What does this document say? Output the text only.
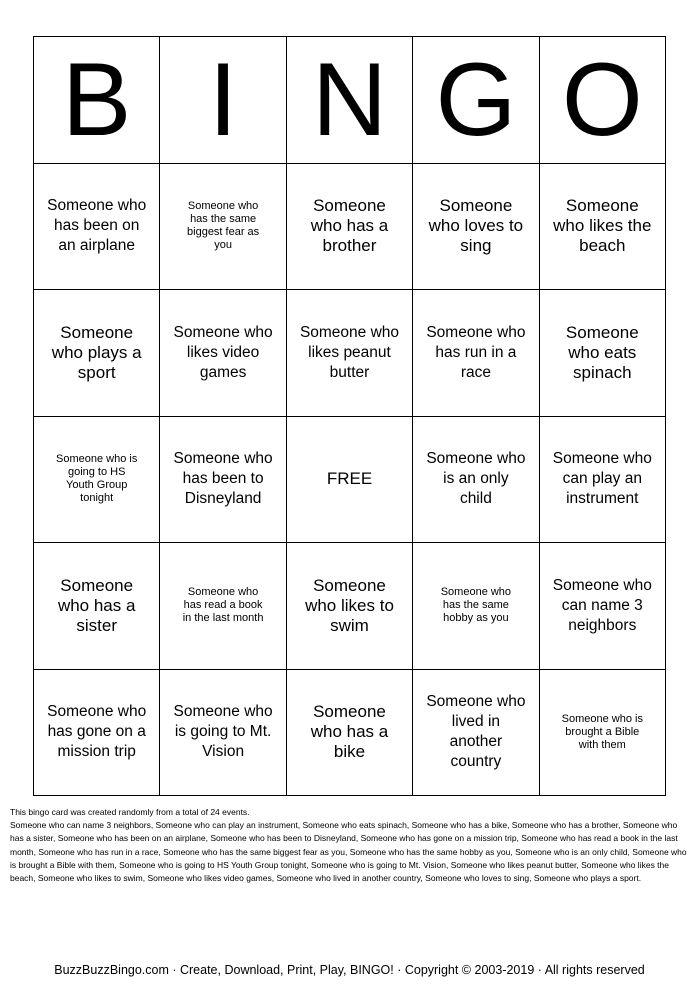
B I N G O
Someone who has been on an airplane
Someone who has the same biggest fear as you
Someone who has a brother
Someone who loves to sing
Someone who likes the beach
Someone who plays a sport
Someone who likes video games
Someone who likes peanut butter
Someone who has run in a race
Someone who eats spinach
Someone who is going to HS Youth Group tonight
Someone who has been to Disneyland
FREE
Someone who is an only child
Someone who can play an instrument
Someone who has a sister
Someone who has read a book in the last month
Someone who likes to swim
Someone who has the same hobby as you
Someone who can name 3 neighbors
Someone who has gone on a mission trip
Someone who is going to Mt. Vision
Someone who has a bike
Someone who lived in another country
Someone who is brought a Bible with them

This bingo card was created randomly from a total of 24 events.

Someone who can name 3 neighbors, Someone who can play an instrument, Someone who eats spinach, Someone who has a bike, Someone who has a brother, Someone who has a sister, Someone who has been on an airplane, Someone who has been to Disneyland, Someone who has gone on a mission trip, Someone who has read a book in the last month, Someone who has run in a race, Someone who has the same biggest fear as you, Someone who has the same hobby as you, Someone who is an only child, Someone who is brought a Bible with them, Someone who is going to HS Youth Group tonight, Someone who is going to Mt. Vision, Someone who likes peanut butter, Someone who likes the beach, Someone who likes to swim, Someone who likes video games, Someone who lived in another country, Someone who loves to sing, Someone who plays a sport.

BuzzBuzzBingo.com · Create, Download, Print, Play, BINGO! · Copyright © 2003-2019 · All rights reserved
